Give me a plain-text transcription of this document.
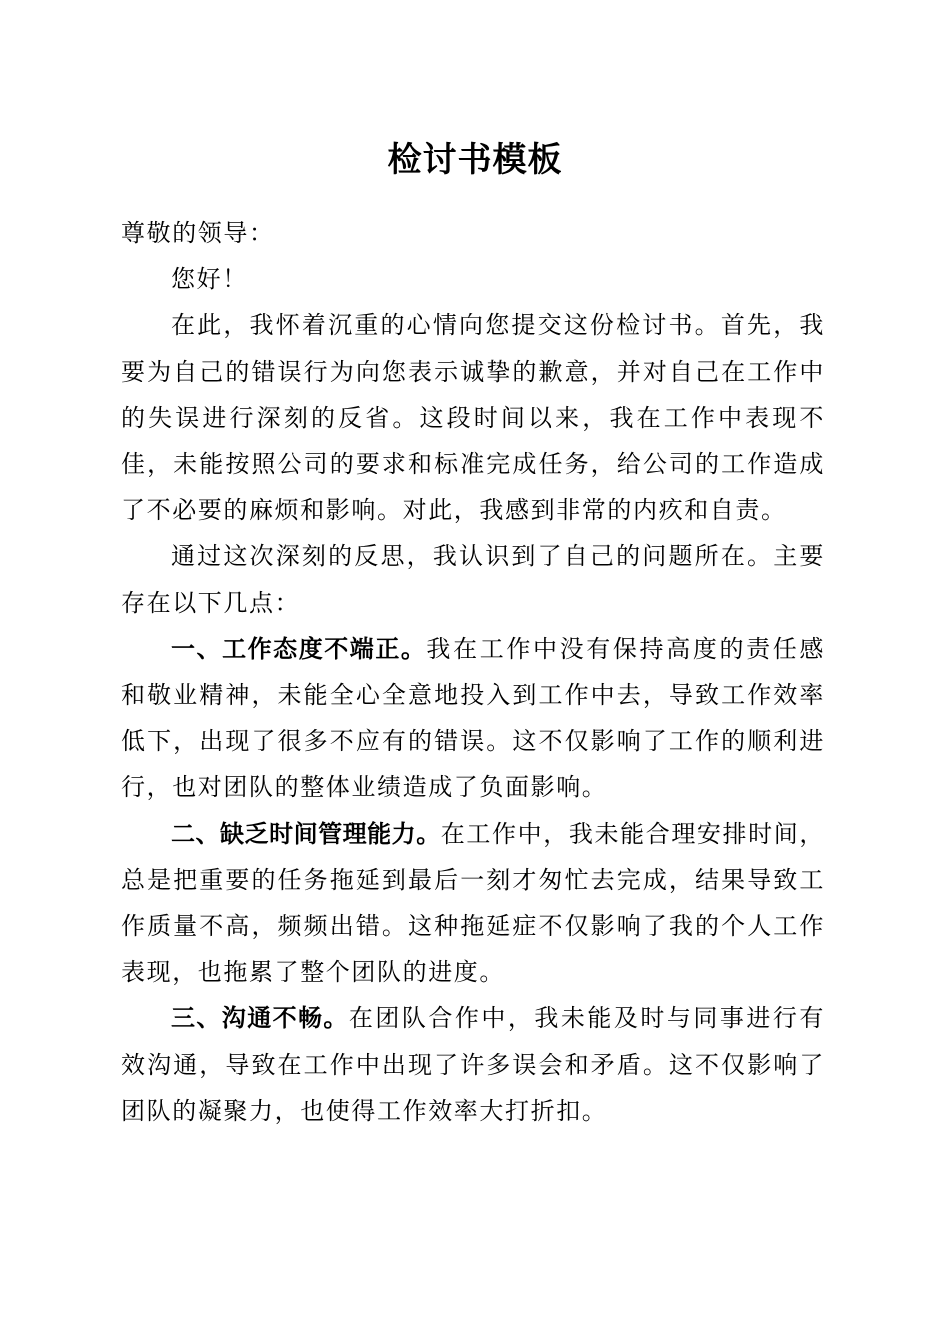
检讨书模板

尊敬的领导：

您好！

在此，我怀着沉重的心情向您提交这份检讨书。首先，我要为自己的错误行为向您表示诚挚的歉意，并对自己在工作中的失误进行深刻的反省。这段时间以来，我在工作中表现不佳，未能按照公司的要求和标准完成任务，给公司的工作造成了不必要的麻烦和影响。对此，我感到非常的内疚和自责。

通过这次深刻的反思，我认识到了自己的问题所在。主要存在以下几点：

一、工作态度不端正。我在工作中没有保持高度的责任感和敬业精神，未能全心全意地投入到工作中去，导致工作效率低下，出现了很多不应有的错误。这不仅影响了工作的顺利进行，也对团队的整体业绩造成了负面影响。

二、缺乏时间管理能力。在工作中，我未能合理安排时间，总是把重要的任务拖延到最后一刻才匆忙去完成，结果导致工作质量不高，频频出错。这种拖延症不仅影响了我的个人工作表现，也拖累了整个团队的进度。

三、沟通不畅。在团队合作中，我未能及时与同事进行有效沟通，导致在工作中出现了许多误会和矛盾。这不仅影响了团队的凝聚力，也使得工作效率大打折扣。
